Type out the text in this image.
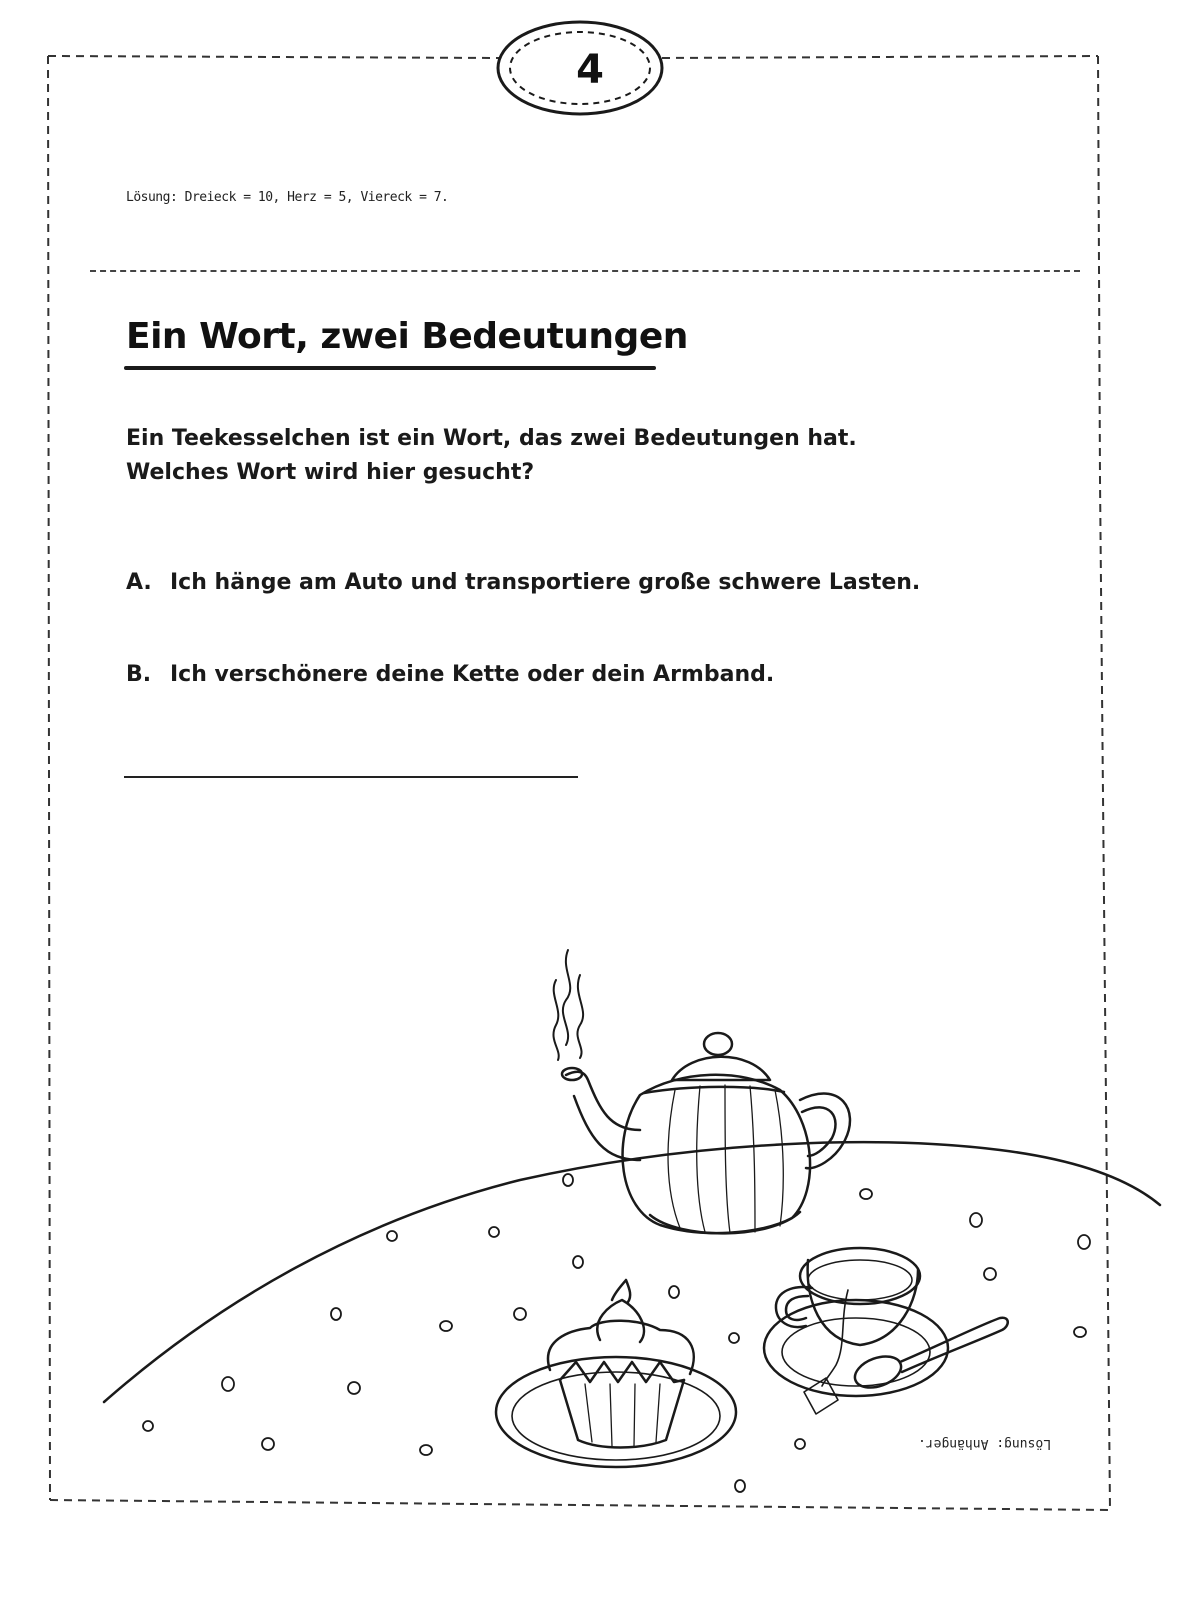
4
Lösung: Dreieck = 10, Herz = 5, Viereck = 7.
Ein Wort, zwei Bedeutungen
Ein Teekesselchen ist ein Wort, das zwei Bedeutungen hat.
Welches Wort wird hier gesucht?
A. Ich hänge am Auto und transportiere große schwere Lasten.
B. Ich verschönere deine Kette oder dein Armband.
Lösung: Anhänger.
